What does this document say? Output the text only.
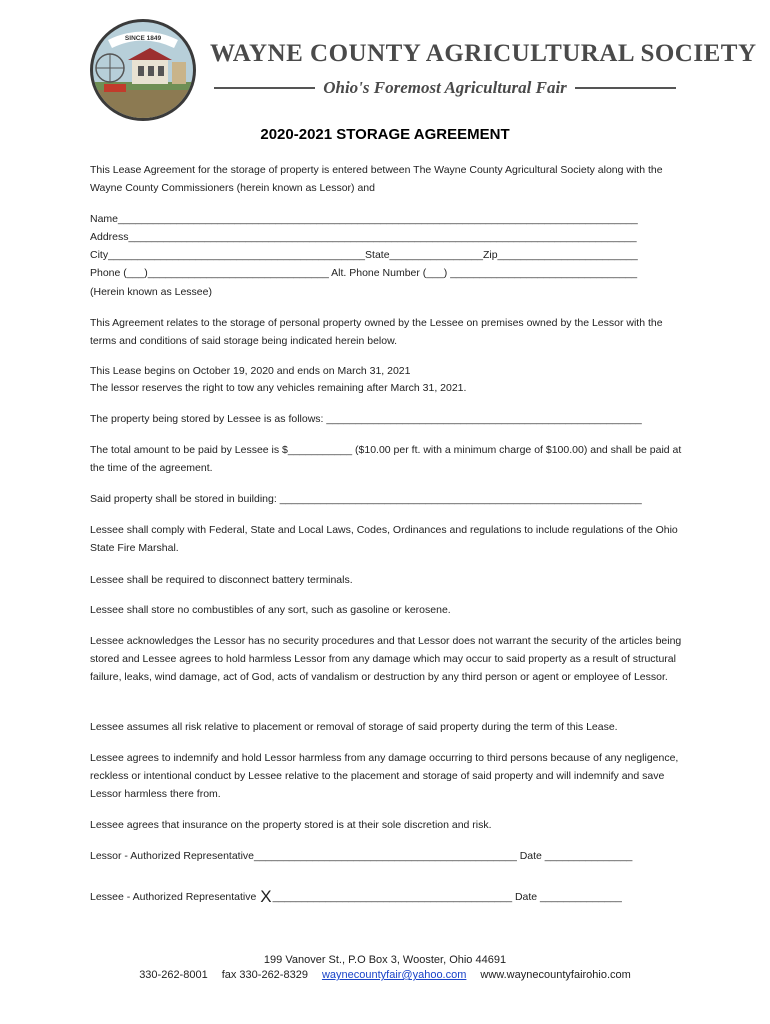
SINCE 1849
WAYNE COUNTY AGRICULTURAL SOCIETY
Ohio's Foremost Agricultural Fair
2020-2021 STORAGE AGREEMENT
This Lease Agreement for the storage of property is entered between The Wayne County Agricultural Society along with the Wayne County Commissioners (herein known as Lessor) and
Name_________________________________________________________________________________________
Address_______________________________________________________________________________________
City____________________________________________State________________Zip________________________
Phone (___)_______________________________ Alt. Phone Number (___) ________________________________
(Herein known as Lessee)
This Agreement relates to the storage of personal property owned by the Lessee on premises owned by the Lessor with the terms and conditions of said storage being indicated herein below.
This Lease begins on October 19, 2020 and ends on March 31, 2021
The lessor reserves the right to tow any vehicles remaining after March 31, 2021.
The property being stored by Lessee is as follows: ______________________________________________________
The total amount to be paid by Lessee is $___________ ($10.00 per ft. with a minimum charge of $100.00) and shall be paid at the time of the agreement.
Said property shall be stored in building: ______________________________________________________________
Lessee shall comply with Federal, State and Local Laws, Codes, Ordinances and regulations to include regulations of the Ohio State Fire Marshal.
Lessee shall be required to disconnect battery terminals.
Lessee shall store no combustibles of any sort, such as gasoline or kerosene.
Lessee acknowledges the Lessor has no security procedures and that Lessor does not warrant the security of the articles being stored and Lessee agrees to hold harmless Lessor from any damage which may occur to said property as a result of structural failure, leaks, wind damage, act of God, acts of vandalism or destruction by any third person or agent or employee of Lessor.
Lessee assumes all risk relative to placement or removal of storage of said property during the term of this Lease.
Lessee agrees to indemnify and hold Lessor harmless from any damage occurring to third persons because of any negligence, reckless or intentional conduct by Lessee relative to the placement and storage of said property and will indemnify and save Lessor harmless there from.
Lessee agrees that insurance on the property stored is at their sole discretion and risk.
Lessor - Authorized Representative_____________________________________________ Date _______________
Lessee - Authorized Representative X_________________________________________ Date ______________
199 Vanover St., P.O Box 3, Wooster, Ohio 44691
330-262-8001 fax 330-262-8329 waynecountyfair@yahoo.com www.waynecountyfairohio.com
